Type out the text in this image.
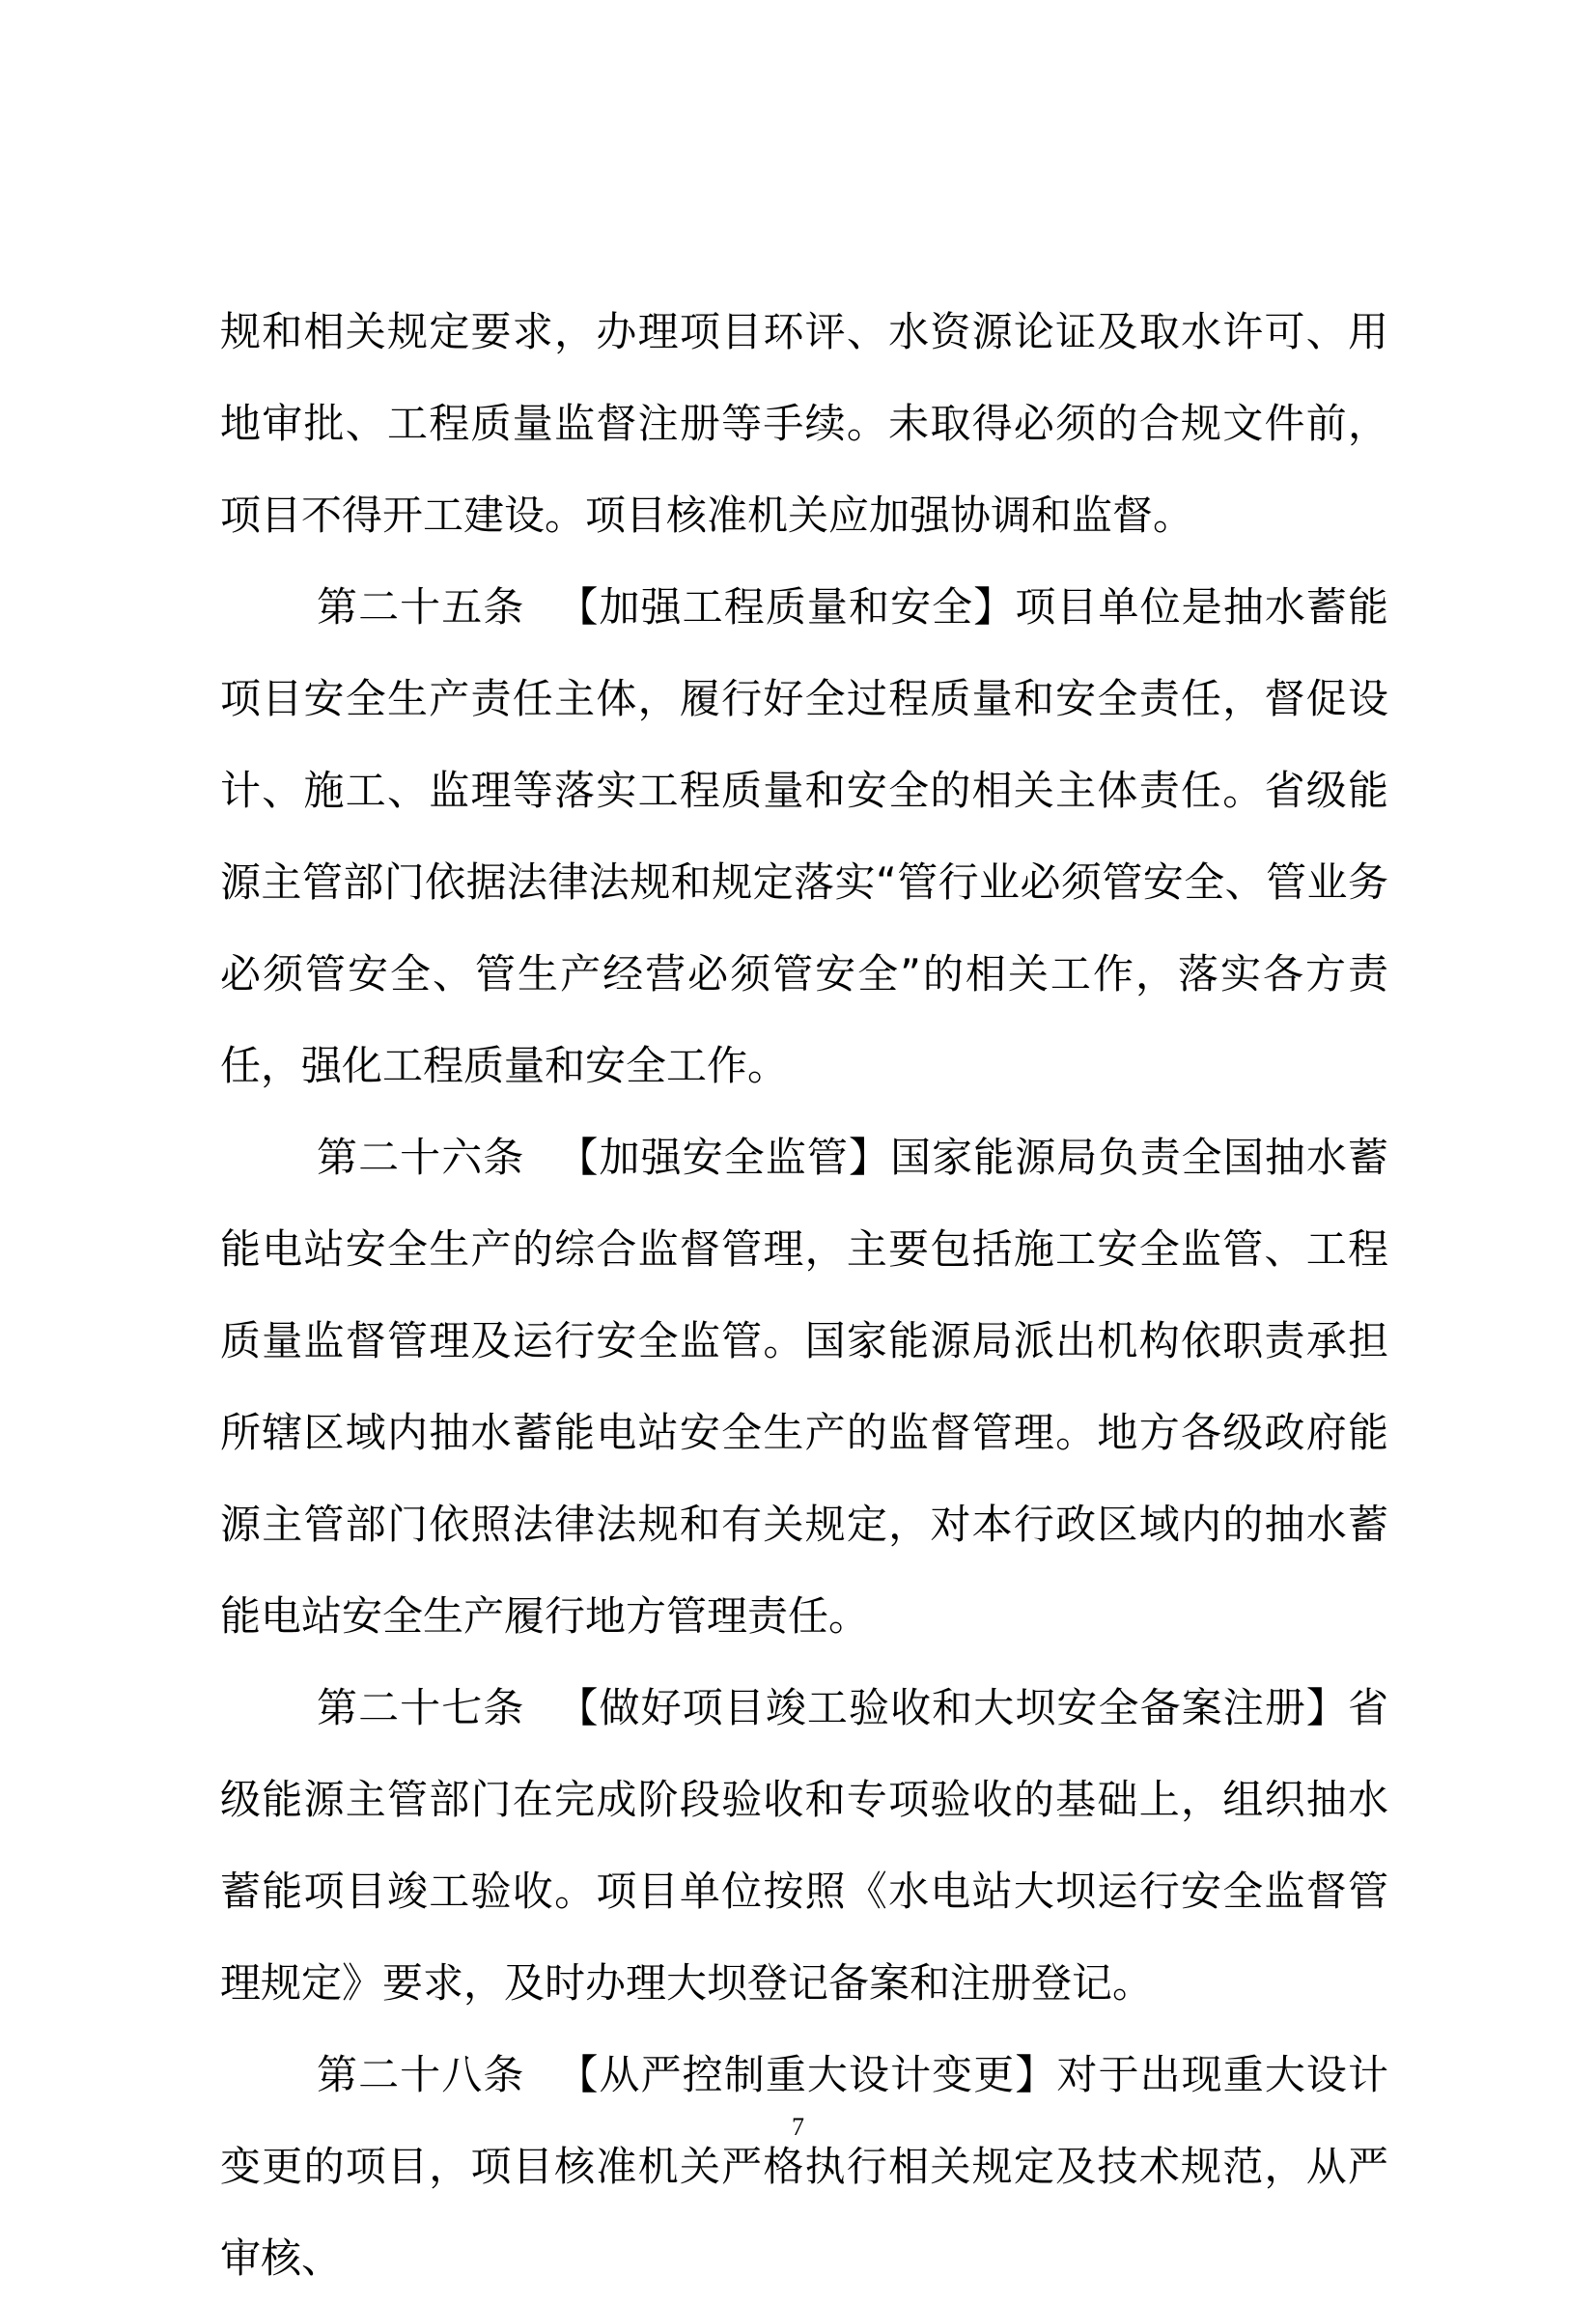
规和相关规定要求，办理项目环评、水资源论证及取水许可、用地审批、工程质量监督注册等手续。未取得必须的合规文件前，项目不得开工建设。项目核准机关应加强协调和监督。

第二十五条 【加强工程质量和安全】项目单位是抽水蓄能项目安全生产责任主体，履行好全过程质量和安全责任，督促设计、施工、监理等落实工程质量和安全的相关主体责任。省级能源主管部门依据法律法规和规定落实“管行业必须管安全、管业务必须管安全、管生产经营必须管安全”的相关工作，落实各方责任，强化工程质量和安全工作。

第二十六条 【加强安全监管】国家能源局负责全国抽水蓄能电站安全生产的综合监督管理，主要包括施工安全监管、工程质量监督管理及运行安全监管。国家能源局派出机构依职责承担所辖区域内抽水蓄能电站安全生产的监督管理。地方各级政府能源主管部门依照法律法规和有关规定，对本行政区域内的抽水蓄能电站安全生产履行地方管理责任。

第二十七条 【做好项目竣工验收和大坝安全备案注册】省级能源主管部门在完成阶段验收和专项验收的基础上，组织抽水蓄能项目竣工验收。项目单位按照《水电站大坝运行安全监督管理规定》要求，及时办理大坝登记备案和注册登记。

第二十八条 【从严控制重大设计变更】对于出现重大设计变更的项目，项目核准机关严格执行相关规定及技术规范，从严审核、

7
